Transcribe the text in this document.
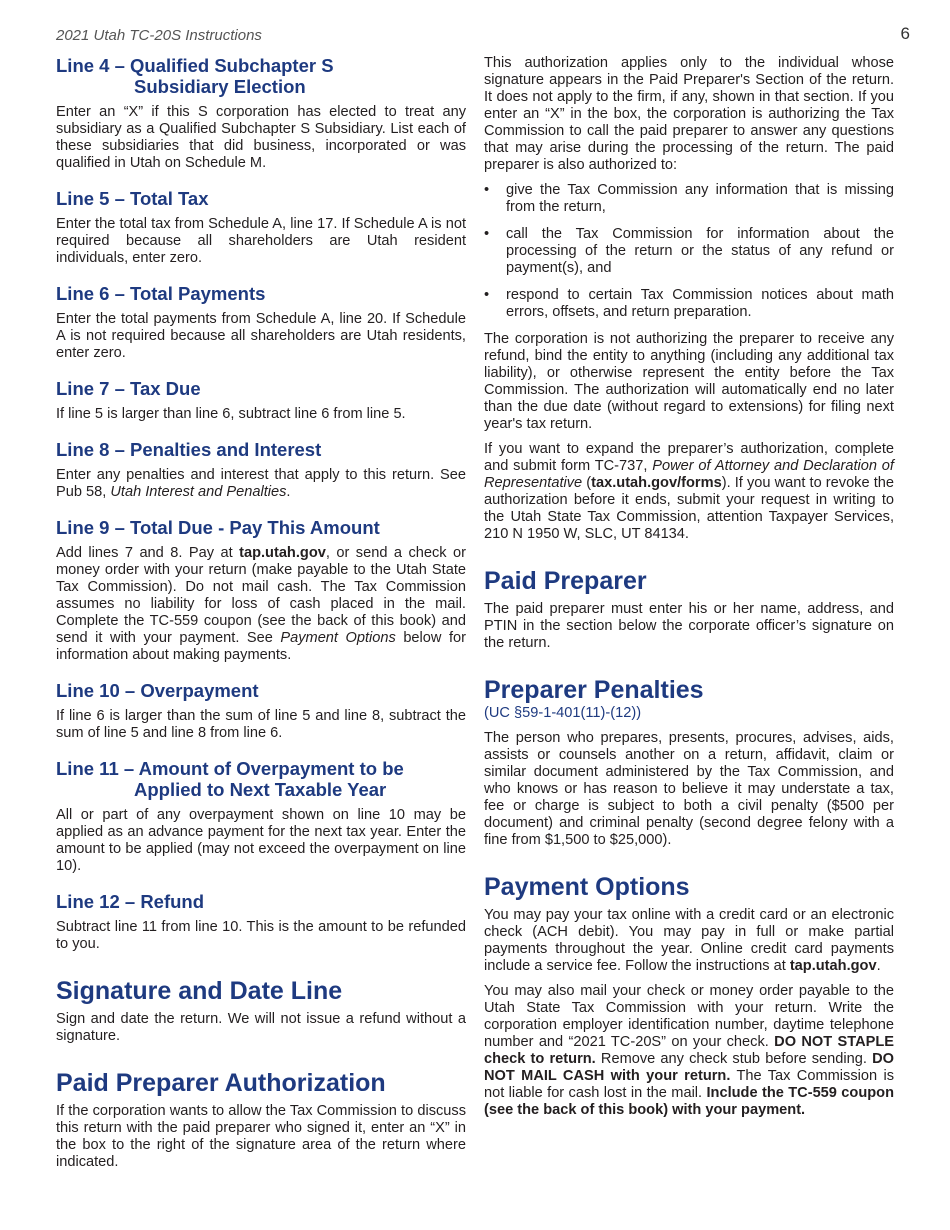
2021 Utah TC-20S Instructions	6
Line 4 – Qualified Subchapter S
Subsidiary Election

Enter an “X” if this S corporation has elected to treat any subsidiary as a Qualified Subchapter S Subsidiary. List each of these subsidiaries that did business, incorporated or was qualified in Utah on Schedule M.

Line 5 – Total Tax

Enter the total tax from Schedule A, line 17. If Schedule A is not required because all shareholders are Utah resident individuals, enter zero.

Line 6 – Total Payments

Enter the total payments from Schedule A, line 20. If Schedule A is not required because all shareholders are Utah residents, enter zero.

Line 7 – Tax Due

If line 5 is larger than line 6, subtract line 6 from line 5.

Line 8 – Penalties and Interest

Enter any penalties and interest that apply to this return. See Pub 58, Utah Interest and Penalties.

Line 9 – Total Due - Pay This Amount

Add lines 7 and 8. Pay at tap.utah.gov, or send a check or money order with your return (make payable to the Utah State Tax Commission). Do not mail cash. The Tax Commission assumes no liability for loss of cash placed in the mail. Complete the TC-559 coupon (see the back of this book) and send it with your payment. See Payment Options below for information about making payments.

Line 10 – Overpayment

If line 6 is larger than the sum of line 5 and line 8, subtract the sum of line 5 and line 8 from line 6.

Line 11 – Amount of Overpayment to be
Applied to Next Taxable Year

All or part of any overpayment shown on line 10 may be applied as an advance payment for the next tax year. Enter the amount to be applied (may not exceed the overpayment on line 10).

Line 12 – Refund

Subtract line 11 from line 10. This is the amount to be refunded to you.

Signature and Date Line

Sign and date the return. We will not issue a refund without a signature.

Paid Preparer Authorization

If the corporation wants to allow the Tax Commission to discuss this return with the paid preparer who signed it, enter an “X” in the box to the right of the signature area of the return where indicated.

This authorization applies only to the individual whose signature appears in the Paid Preparer's Section of the return. It does not apply to the firm, if any, shown in that section. If you enter an “X” in the box, the corporation is authorizing the Tax Commission to call the paid preparer to answer any questions that may arise during the processing of the return. The paid preparer is also authorized to:

• give the Tax Commission any information that is missing from the return,
• call the Tax Commission for information about the processing of the return or the status of any refund or payment(s), and
• respond to certain Tax Commission notices about math errors, offsets, and return preparation.

The corporation is not authorizing the preparer to receive any refund, bind the entity to anything (including any additional tax liability), or otherwise represent the entity before the Tax Commission. The authorization will automatically end no later than the due date (without regard to extensions) for filing next year's tax return.

If you want to expand the preparer’s authorization, complete and submit form TC-737, Power of Attorney and Declaration of Representative (tax.utah.gov/forms). If you want to revoke the authorization before it ends, submit your request in writing to the Utah State Tax Commission, attention Taxpayer Services, 210 N 1950 W, SLC, UT 84134.

Paid Preparer

The paid preparer must enter his or her name, address, and PTIN in the section below the corporate officer’s signature on the return.

Preparer Penalties
(UC §59-1-401(11)-(12))

The person who prepares, presents, procures, advises, aids, assists or counsels another on a return, affidavit, claim or similar document administered by the Tax Commission, and who knows or has reason to believe it may understate a tax, fee or charge is subject to both a civil penalty ($500 per document) and criminal penalty (second degree felony with a fine from $1,500 to $25,000).

Payment Options

You may pay your tax online with a credit card or an electronic check (ACH debit). You may pay in full or make partial payments throughout the year. Online credit card payments include a service fee. Follow the instructions at tap.utah.gov.

You may also mail your check or money order payable to the Utah State Tax Commission with your return. Write the corporation employer identification number, daytime telephone number and “2021 TC-20S” on your check. DO NOT STAPLE check to return. Remove any check stub before sending. DO NOT MAIL CASH with your return. The Tax Commission is not liable for cash lost in the mail. Include the TC-559 coupon (see the back of this book) with your payment.
